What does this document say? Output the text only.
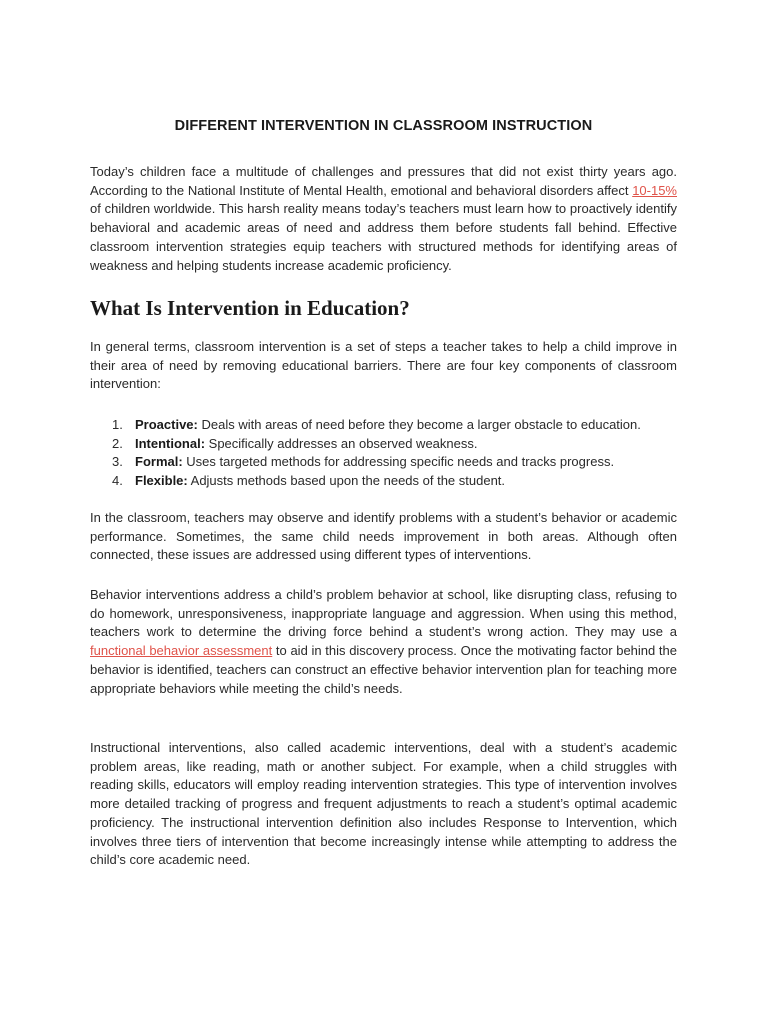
DIFFERENT INTERVENTION IN CLASSROOM INSTRUCTION

Today’s children face a multitude of challenges and pressures that did not exist thirty years ago. According to the National Institute of Mental Health, emotional and behavioral disorders affect 10-15% of children worldwide. This harsh reality means today’s teachers must learn how to proactively identify behavioral and academic areas of need and address them before students fall behind. Effective classroom intervention strategies equip teachers with structured methods for identifying areas of weakness and helping students increase academic proficiency.

What Is Intervention in Education?

In general terms, classroom intervention is a set of steps a teacher takes to help a child improve in their area of need by removing educational barriers. There are four key components of classroom intervention:

1. Proactive: Deals with areas of need before they become a larger obstacle to education.
2. Intentional: Specifically addresses an observed weakness.
3. Formal: Uses targeted methods for addressing specific needs and tracks progress.
4. Flexible: Adjusts methods based upon the needs of the student.

In the classroom, teachers may observe and identify problems with a student’s behavior or academic performance. Sometimes, the same child needs improvement in both areas. Although often connected, these issues are addressed using different types of interventions.

Behavior interventions address a child’s problem behavior at school, like disrupting class, refusing to do homework, unresponsiveness, inappropriate language and aggression. When using this method, teachers work to determine the driving force behind a student’s wrong action. They may use a functional behavior assessment to aid in this discovery process. Once the motivating factor behind the behavior is identified, teachers can construct an effective behavior intervention plan for teaching more appropriate behaviors while meeting the child’s needs.

Instructional interventions, also called academic interventions, deal with a student’s academic problem areas, like reading, math or another subject. For example, when a child struggles with reading skills, educators will employ reading intervention strategies. This type of intervention involves more detailed tracking of progress and frequent adjustments to reach a student’s optimal academic proficiency. The instructional intervention definition also includes Response to Intervention, which involves three tiers of intervention that become increasingly intense while attempting to address the child’s core academic need.
